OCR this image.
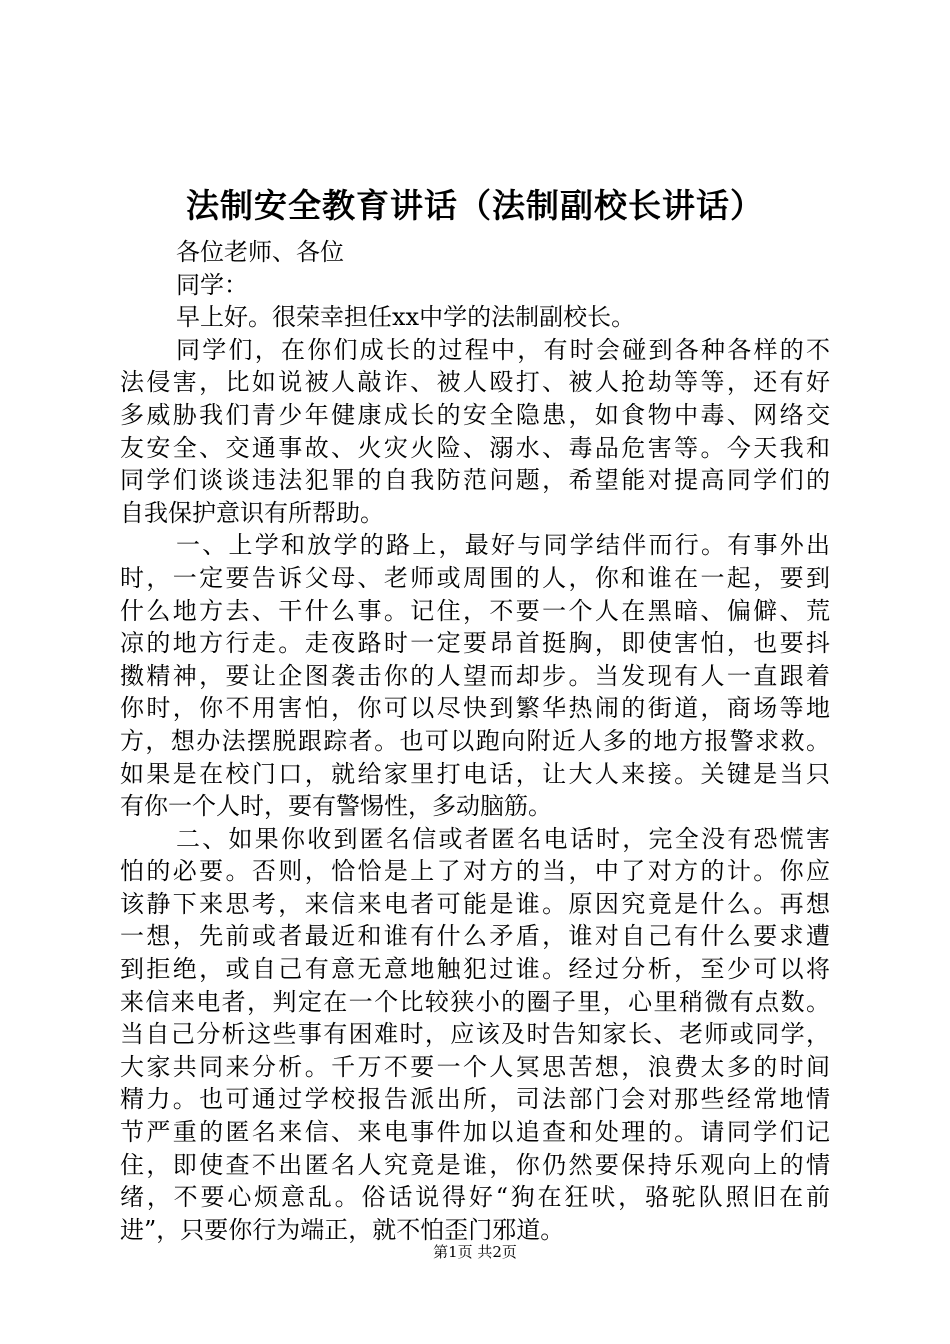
法制安全教育讲话（法制副校长讲话）
各位老师、各位
同学：
早上好。很荣幸担任xx中学的法制副校长。
同学们，在你们成长的过程中，有时会碰到各种各样的不
法侵害，比如说被人敲诈、被人殴打、被人抢劫等等，还有好
多威胁我们青少年健康成长的安全隐患，如食物中毒、网络交
友安全、交通事故、火灾火险、溺水、毒品危害等。今天我和
同学们谈谈违法犯罪的自我防范问题，希望能对提高同学们的
自我保护意识有所帮助。
一、上学和放学的路上，最好与同学结伴而行。有事外出
时，一定要告诉父母、老师或周围的人，你和谁在一起，要到
什么地方去、干什么事。记住，不要一个人在黑暗、偏僻、荒
凉的地方行走。走夜路时一定要昂首挺胸，即使害怕，也要抖
擞精神，要让企图袭击你的人望而却步。当发现有人一直跟着
你时，你不用害怕，你可以尽快到繁华热闹的街道，商场等地
方，想办法摆脱跟踪者。也可以跑向附近人多的地方报警求救。
如果是在校门口，就给家里打电话，让大人来接。关键是当只
有你一个人时，要有警惕性，多动脑筋。
二、如果你收到匿名信或者匿名电话时，完全没有恐慌害
怕的必要。否则，恰恰是上了对方的当，中了对方的计。你应
该静下来思考，来信来电者可能是谁。原因究竟是什么。再想
一想，先前或者最近和谁有什么矛盾，谁对自己有什么要求遭
到拒绝，或自己有意无意地触犯过谁。经过分析，至少可以将
来信来电者，判定在一个比较狭小的圈子里，心里稍微有点数。
当自己分析这些事有困难时，应该及时告知家长、老师或同学，
大家共同来分析。千万不要一个人冥思苦想，浪费太多的时间
精力。也可通过学校报告派出所，司法部门会对那些经常地情
节严重的匿名来信、来电事件加以追查和处理的。请同学们记
住，即使查不出匿名人究竟是谁，你仍然要保持乐观向上的情
绪，不要心烦意乱。俗话说得好“狗在狂吠，骆驼队照旧在前
进”，只要你行为端正，就不怕歪门邪道。
第1页 共2页
